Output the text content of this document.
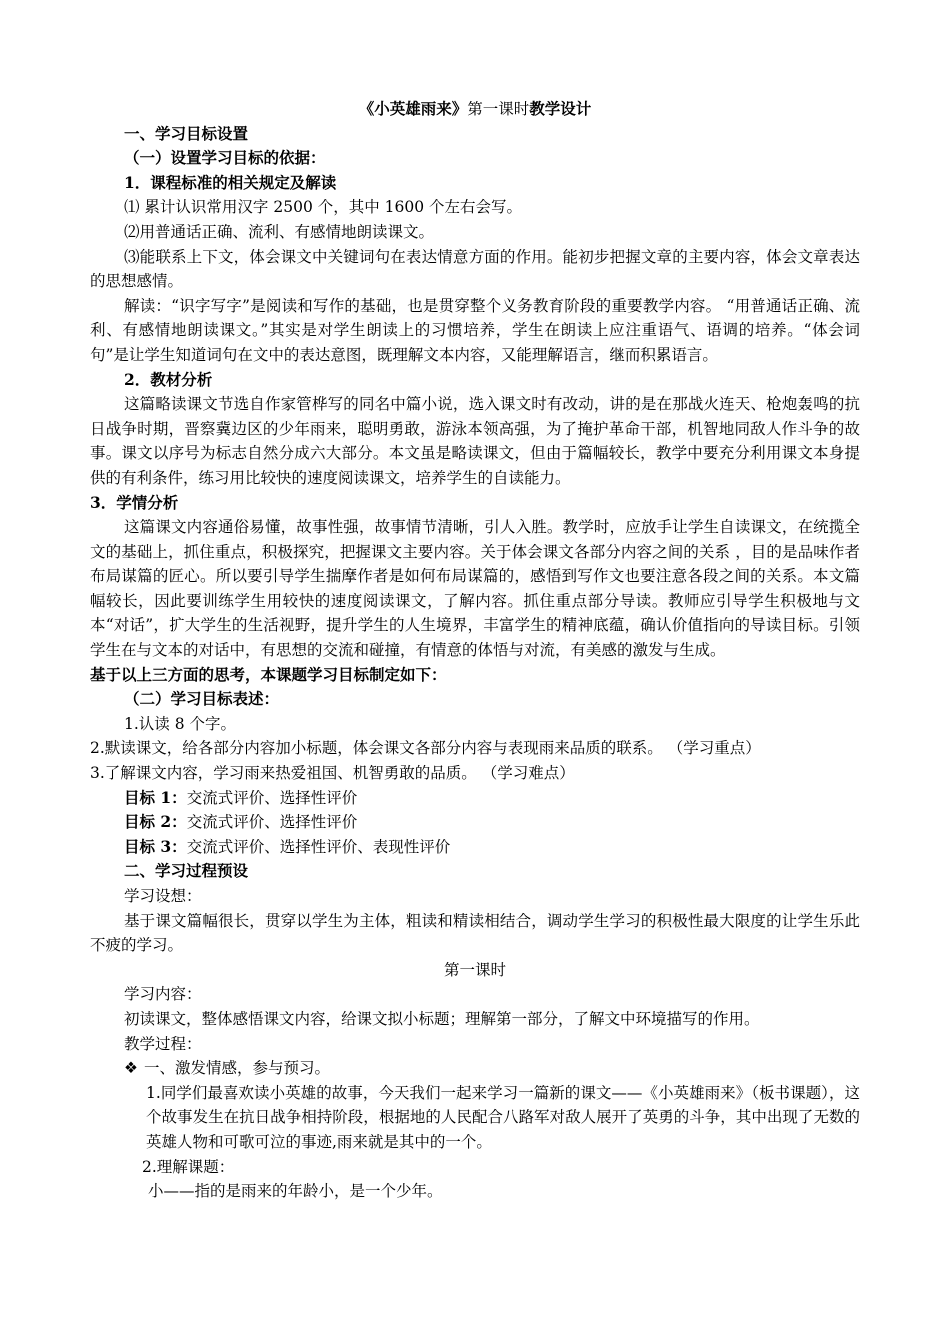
《小英雄雨来》第一课时教学设计
一、学习目标设置
（一）设置学习目标的依据：
1．课程标准的相关规定及解读
⑴ 累计认识常用汉字 2500 个，其中 1600 个左右会写。
⑵用普通话正确、流利、有感情地朗读课文。

⑶能联系上下文，体会课文中关键词句在表达情意方面的作用。能初步把握文章的主要内容，体会文章表达的思想感情。

解读：“识字写字”是阅读和写作的基础，也是贯穿整个义务教育阶段的重要教学内容。 “用普通话正确、流利、有感情地朗读课文。”其实是对学生朗读上的习惯培养，学生在朗读上应注重语气、语调的培养。“体会词句”是让学生知道词句在文中的表达意图，既理解文本内容，又能理解语言，继而积累语言。

2．教材分析

这篇略读课文节选自作家管桦写的同名中篇小说，选入课文时有改动，讲的是在那战火连天、枪炮轰鸣的抗日战争时期，晋察冀边区的少年雨来，聪明勇敢，游泳本领高强，为了掩护革命干部，机智地同敌人作斗争的故事。课文以序号为标志自然分成六大部分。本文虽是略读课文，但由于篇幅较长，教学中要充分利用课文本身提供的有利条件，练习用比较快的速度阅读课文，培养学生的自读能力。

3．学情分析

这篇课文内容通俗易懂，故事性强，故事情节清晰，引人入胜。教学时，应放手让学生自读课文，在统揽全文的基础上，抓住重点，积极探究，把握课文主要内容。关于体会课文各部分内容之间的关系 ，目的是品味作者布局谋篇的匠心。所以要引导学生揣摩作者是如何布局谋篇的，感悟到写作文也要注意各段之间的关系。本文篇幅较长，因此要训练学生用较快的速度阅读课文，了解内容。抓住重点部分导读。教师应引导学生积极地与文本“对话”，扩大学生的生活视野，提升学生的人生境界，丰富学生的精神底蕴，确认价值指向的导读目标。引领学生在与文本的对话中，有思想的交流和碰撞，有情意的体悟与对流，有美感的激发与生成。

基于以上三方面的思考，本课题学习目标制定如下：
（二）学习目标表述：
1.认读 8 个字。
2.默读课文，给各部分内容加小标题，体会课文各部分内容与表现雨来品质的联系。 （学习重点）
3.了解课文内容，学习雨来热爱祖国、机智勇敢的品质。 （学习难点）
目标 1：交流式评价、选择性评价
目标 2：交流式评价、选择性评价
目标 3：交流式评价、选择性评价、表现性评价
二、学习过程预设
学习设想：

基于课文篇幅很长，贯穿以学生为主体，粗读和精读相结合，调动学生学习的积极性最大限度的让学生乐此不疲的学习。

第一课时
学习内容：
初读课文，整体感悟课文内容，给课文拟小标题；理解第一部分，了解文中环境描写的作用。
教学过程：
❖ 一、激发情感，参与预习。

1.同学们最喜欢读小英雄的故事，今天我们一起来学习一篇新的课文——《小英雄雨来》（板书课题），这个故事发生在抗日战争相持阶段，根据地的人民配合八路军对敌人展开了英勇的斗争，其中出现了无数的英雄人物和可歌可泣的事迹,雨来就是其中的一个。

2.理解课题：
小——指的是雨来的年龄小，是一个少年。
